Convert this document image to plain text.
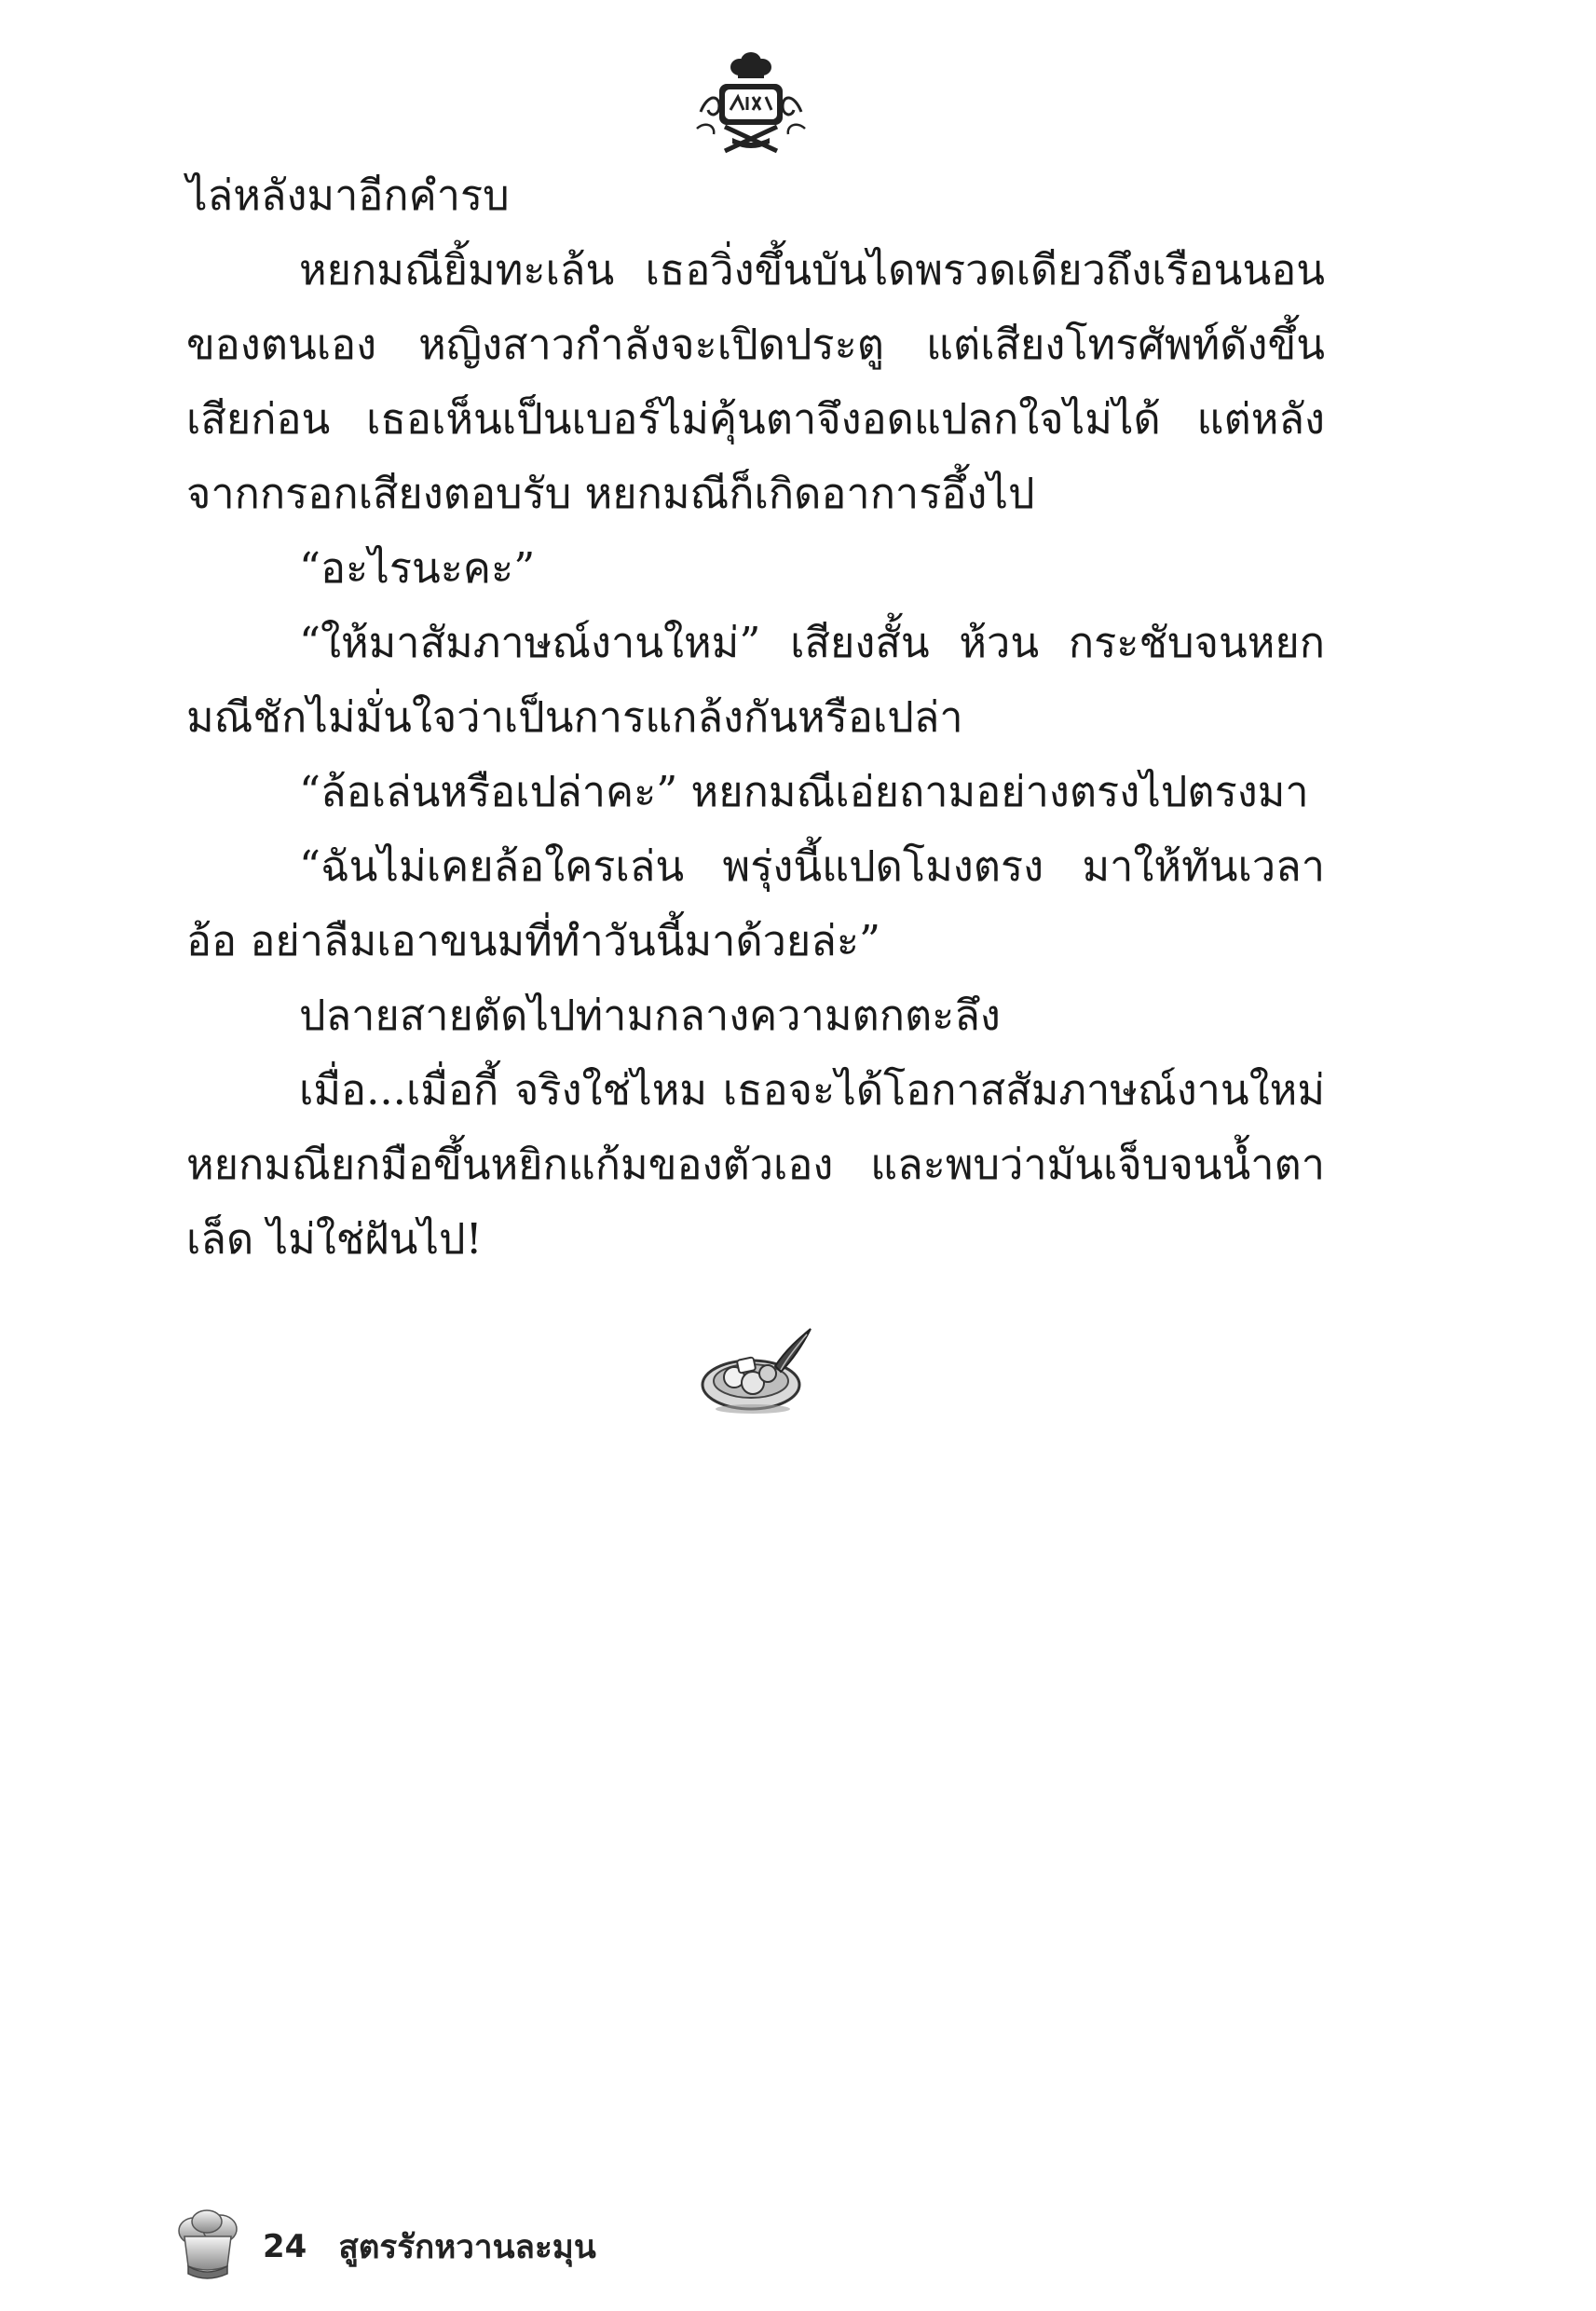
ไล่หลังมาอีกคำรบ

หยกมณียิ้มทะเล้น เธอวิ่งขึ้นบันไดพรวดเดียวถึงเรือนนอนของตนเอง หญิงสาวกำลังจะเปิดประตู แต่เสียงโทรศัพท์ดังขึ้นเสียก่อน เธอเห็นเป็นเบอร์ไม่คุ้นตาจึงอดแปลกใจไม่ได้ แต่หลังจากกรอกเสียงตอบรับ หยกมณีก็เกิดอาการอึ้งไป

“อะไรนะคะ”

“ให้มาสัมภาษณ์งานใหม่” เสียงสั้น ห้วน กระชับจนหยกมณีชักไม่มั่นใจว่าเป็นการแกล้งกันหรือเปล่า

“ล้อเล่นหรือเปล่าคะ” หยกมณีเอ่ยถามอย่างตรงไปตรงมา

“ฉันไม่เคยล้อใครเล่น พรุ่งนี้แปดโมงตรง มาให้ทันเวลา อ้อ อย่าลืมเอาขนมที่ทำวันนี้มาด้วยล่ะ”

ปลายสายตัดไปท่ามกลางความตกตะลึง

เมื่อ...เมื่อกี้ จริงใช่ไหม เธอจะได้โอกาสสัมภาษณ์งานใหม่ หยกมณียกมือขึ้นหยิกแก้มของตัวเอง และพบว่ามันเจ็บจนน้ำตาเล็ด ไม่ใช่ฝันไป!

24 สูตรรักหวานละมุน
